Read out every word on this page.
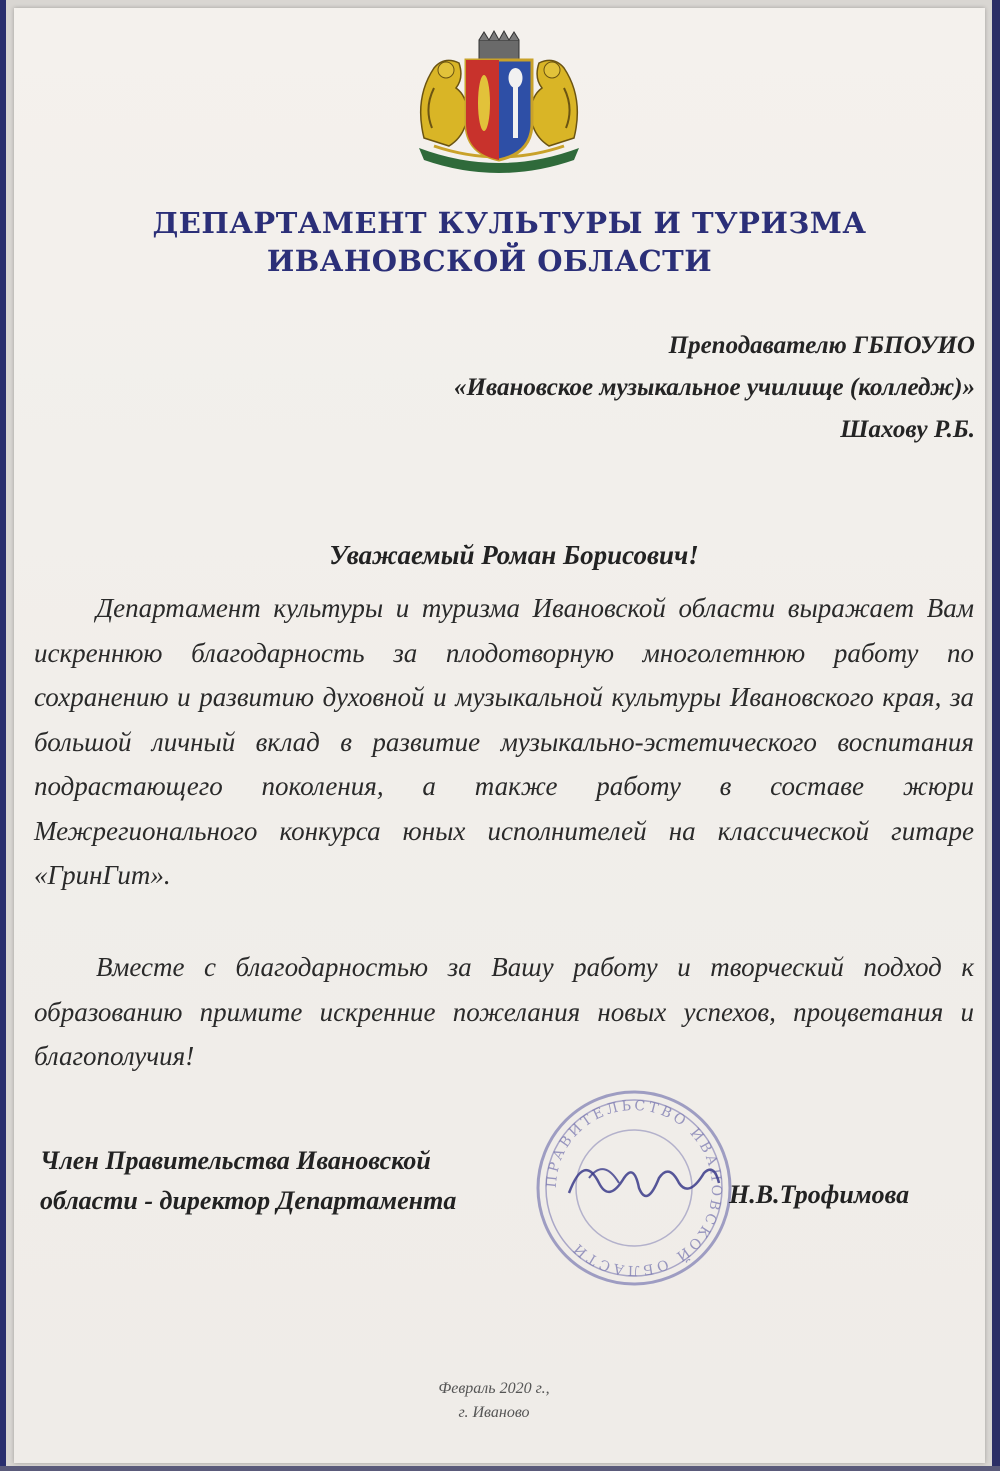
ДЕПАРТАМЕНТ КУЛЬТУРЫ И ТУРИЗМА
ИВАНОВСКОЙ ОБЛАСТИ
Преподавателю ГБПОУИО
«Ивановское музыкальное училище (колледж)»
Шахову Р.Б.
Уважаемый Роман Борисович!

Департамент культуры и туризма Ивановской области выражает Вам искреннюю благодарность за плодотворную многолетнюю работу по сохранению и развитию духовной и музыкальной культуры Ивановского края, за большой личный вклад в развитие музыкально-эстетического воспитания подрастающего поколения, а также работу в составе жюри Межрегионального конкурса юных исполнителей на классической гитаре «ГринГит».

Вместе с благодарностью за Вашу работу и творческий подход к образованию примите искренние пожелания новых успехов, процветания и благополучия!

Член Правительства Ивановской
области - директор Департамента
ПРАВИТЕЛЬСТВО ИВАНОВСКОЙ ОБЛАСТИ
Н.В.Трофимова
Февраль 2020 г.,
г. Иваново
